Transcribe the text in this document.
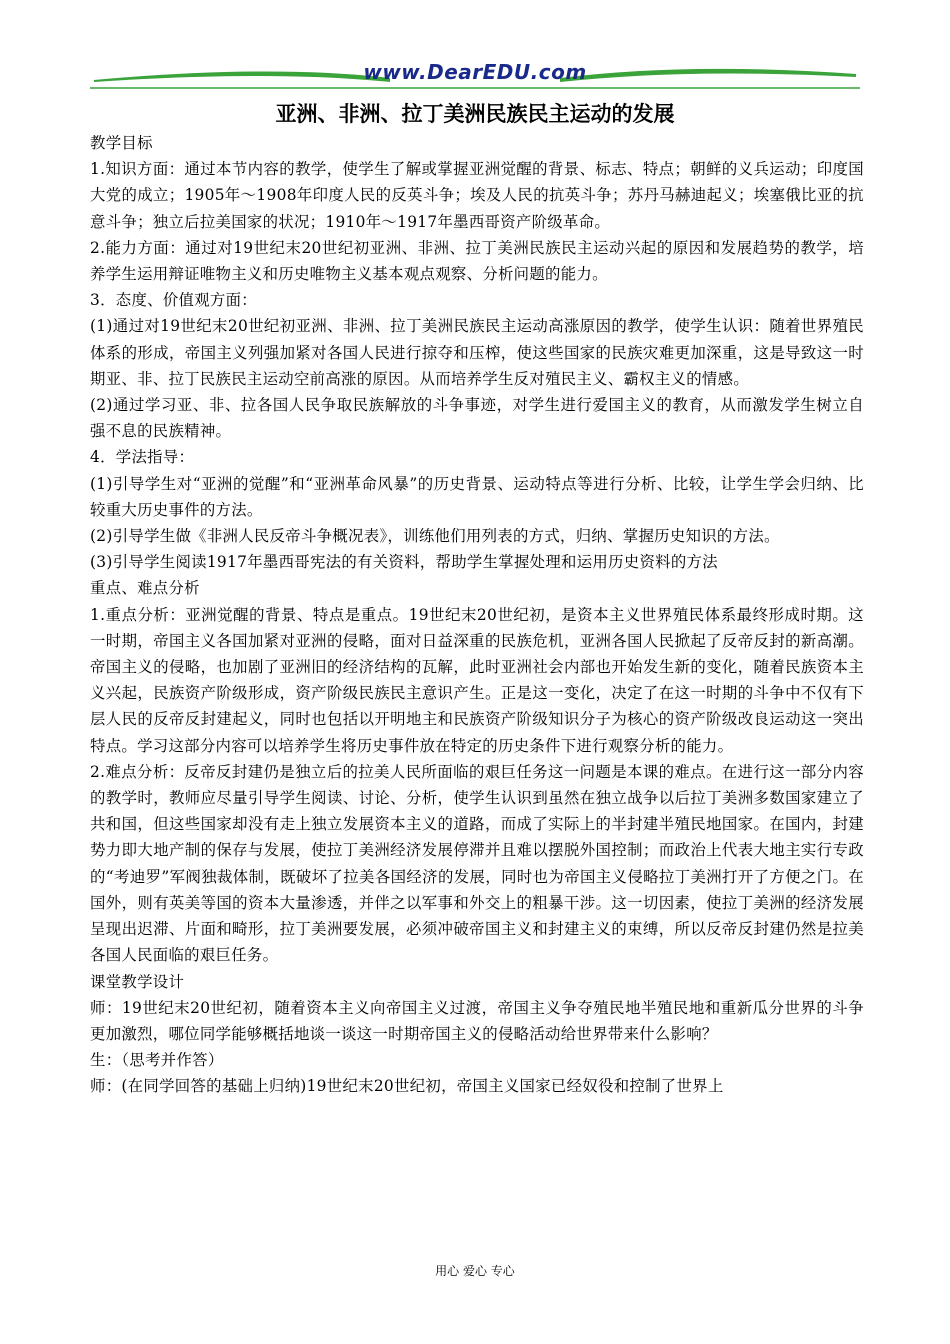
www.DearEDU.com
亚洲、非洲、拉丁美洲民族民主运动的发展

教学目标

1.知识方面：通过本节内容的教学，使学生了解或掌握亚洲觉醒的背景、标志、特点；朝鲜的义兵运动；印度国大党的成立；1905年～1908年印度人民的反英斗争；埃及人民的抗英斗争；苏丹马赫迪起义；埃塞俄比亚的抗意斗争；独立后拉美国家的状况；1910年～1917年墨西哥资产阶级革命。

2.能力方面：通过对19世纪末20世纪初亚洲、非洲、拉丁美洲民族民主运动兴起的原因和发展趋势的教学，培养学生运用辩证唯物主义和历史唯物主义基本观点观察、分析问题的能力。

3．态度、价值观方面：

(1)通过对19世纪末20世纪初亚洲、非洲、拉丁美洲民族民主运动高涨原因的教学，使学生认识：随着世界殖民体系的形成，帝国主义列强加紧对各国人民进行掠夺和压榨，使这些国家的民族灾难更加深重，这是导致这一时期亚、非、拉丁民族民主运动空前高涨的原因。从而培养学生反对殖民主义、霸权主义的情感。

(2)通过学习亚、非、拉各国人民争取民族解放的斗争事迹，对学生进行爱国主义的教育，从而激发学生树立自强不息的民族精神。

4．学法指导：

(1)引导学生对“亚洲的觉醒”和“亚洲革命风暴”的历史背景、运动特点等进行分析、比较，让学生学会归纳、比较重大历史事件的方法。

(2)引导学生做《非洲人民反帝斗争概况表》，训练他们用列表的方式，归纳、掌握历史知识的方法。

(3)引导学生阅读1917年墨西哥宪法的有关资料，帮助学生掌握处理和运用历史资料的方法

重点、难点分析

1.重点分析：亚洲觉醒的背景、特点是重点。19世纪末20世纪初，是资本主义世界殖民体系最终形成时期。这一时期，帝国主义各国加紧对亚洲的侵略，面对日益深重的民族危机，亚洲各国人民掀起了反帝反封的新高潮。帝国主义的侵略，也加剧了亚洲旧的经济结构的瓦解，此时亚洲社会内部也开始发生新的变化，随着民族资本主义兴起，民族资产阶级形成，资产阶级民族民主意识产生。正是这一变化，决定了在这一时期的斗争中不仅有下层人民的反帝反封建起义，同时也包括以开明地主和民族资产阶级知识分子为核心的资产阶级改良运动这一突出特点。学习这部分内容可以培养学生将历史事件放在特定的历史条件下进行观察分析的能力。

2.难点分析：反帝反封建仍是独立后的拉美人民所面临的艰巨任务这一问题是本课的难点。在进行这一部分内容的教学时，教师应尽量引导学生阅读、讨论、分析，使学生认识到虽然在独立战争以后拉丁美洲多数国家建立了共和国，但这些国家却没有走上独立发展资本主义的道路，而成了实际上的半封建半殖民地国家。在国内，封建势力即大地产制的保存与发展，使拉丁美洲经济发展停滞并且难以摆脱外国控制；而政治上代表大地主实行专政的“考迪罗”军阀独裁体制，既破坏了拉美各国经济的发展，同时也为帝国主义侵略拉丁美洲打开了方便之门。在国外，则有英美等国的资本大量渗透，并伴之以军事和外交上的粗暴干涉。这一切因素，使拉丁美洲的经济发展呈现出迟滞、片面和畸形，拉丁美洲要发展，必须冲破帝国主义和封建主义的束缚，所以反帝反封建仍然是拉美各国人民面临的艰巨任务。

课堂教学设计

师：19世纪末20世纪初，随着资本主义向帝国主义过渡，帝国主义争夺殖民地半殖民地和重新瓜分世界的斗争更加激烈，哪位同学能够概括地谈一谈这一时期帝国主义的侵略活动给世界带来什么影响？

生：（思考并作答）

师：(在同学回答的基础上归纳)19世纪末20世纪初，帝国主义国家已经奴役和控制了世界上

用心 爱心 专心
